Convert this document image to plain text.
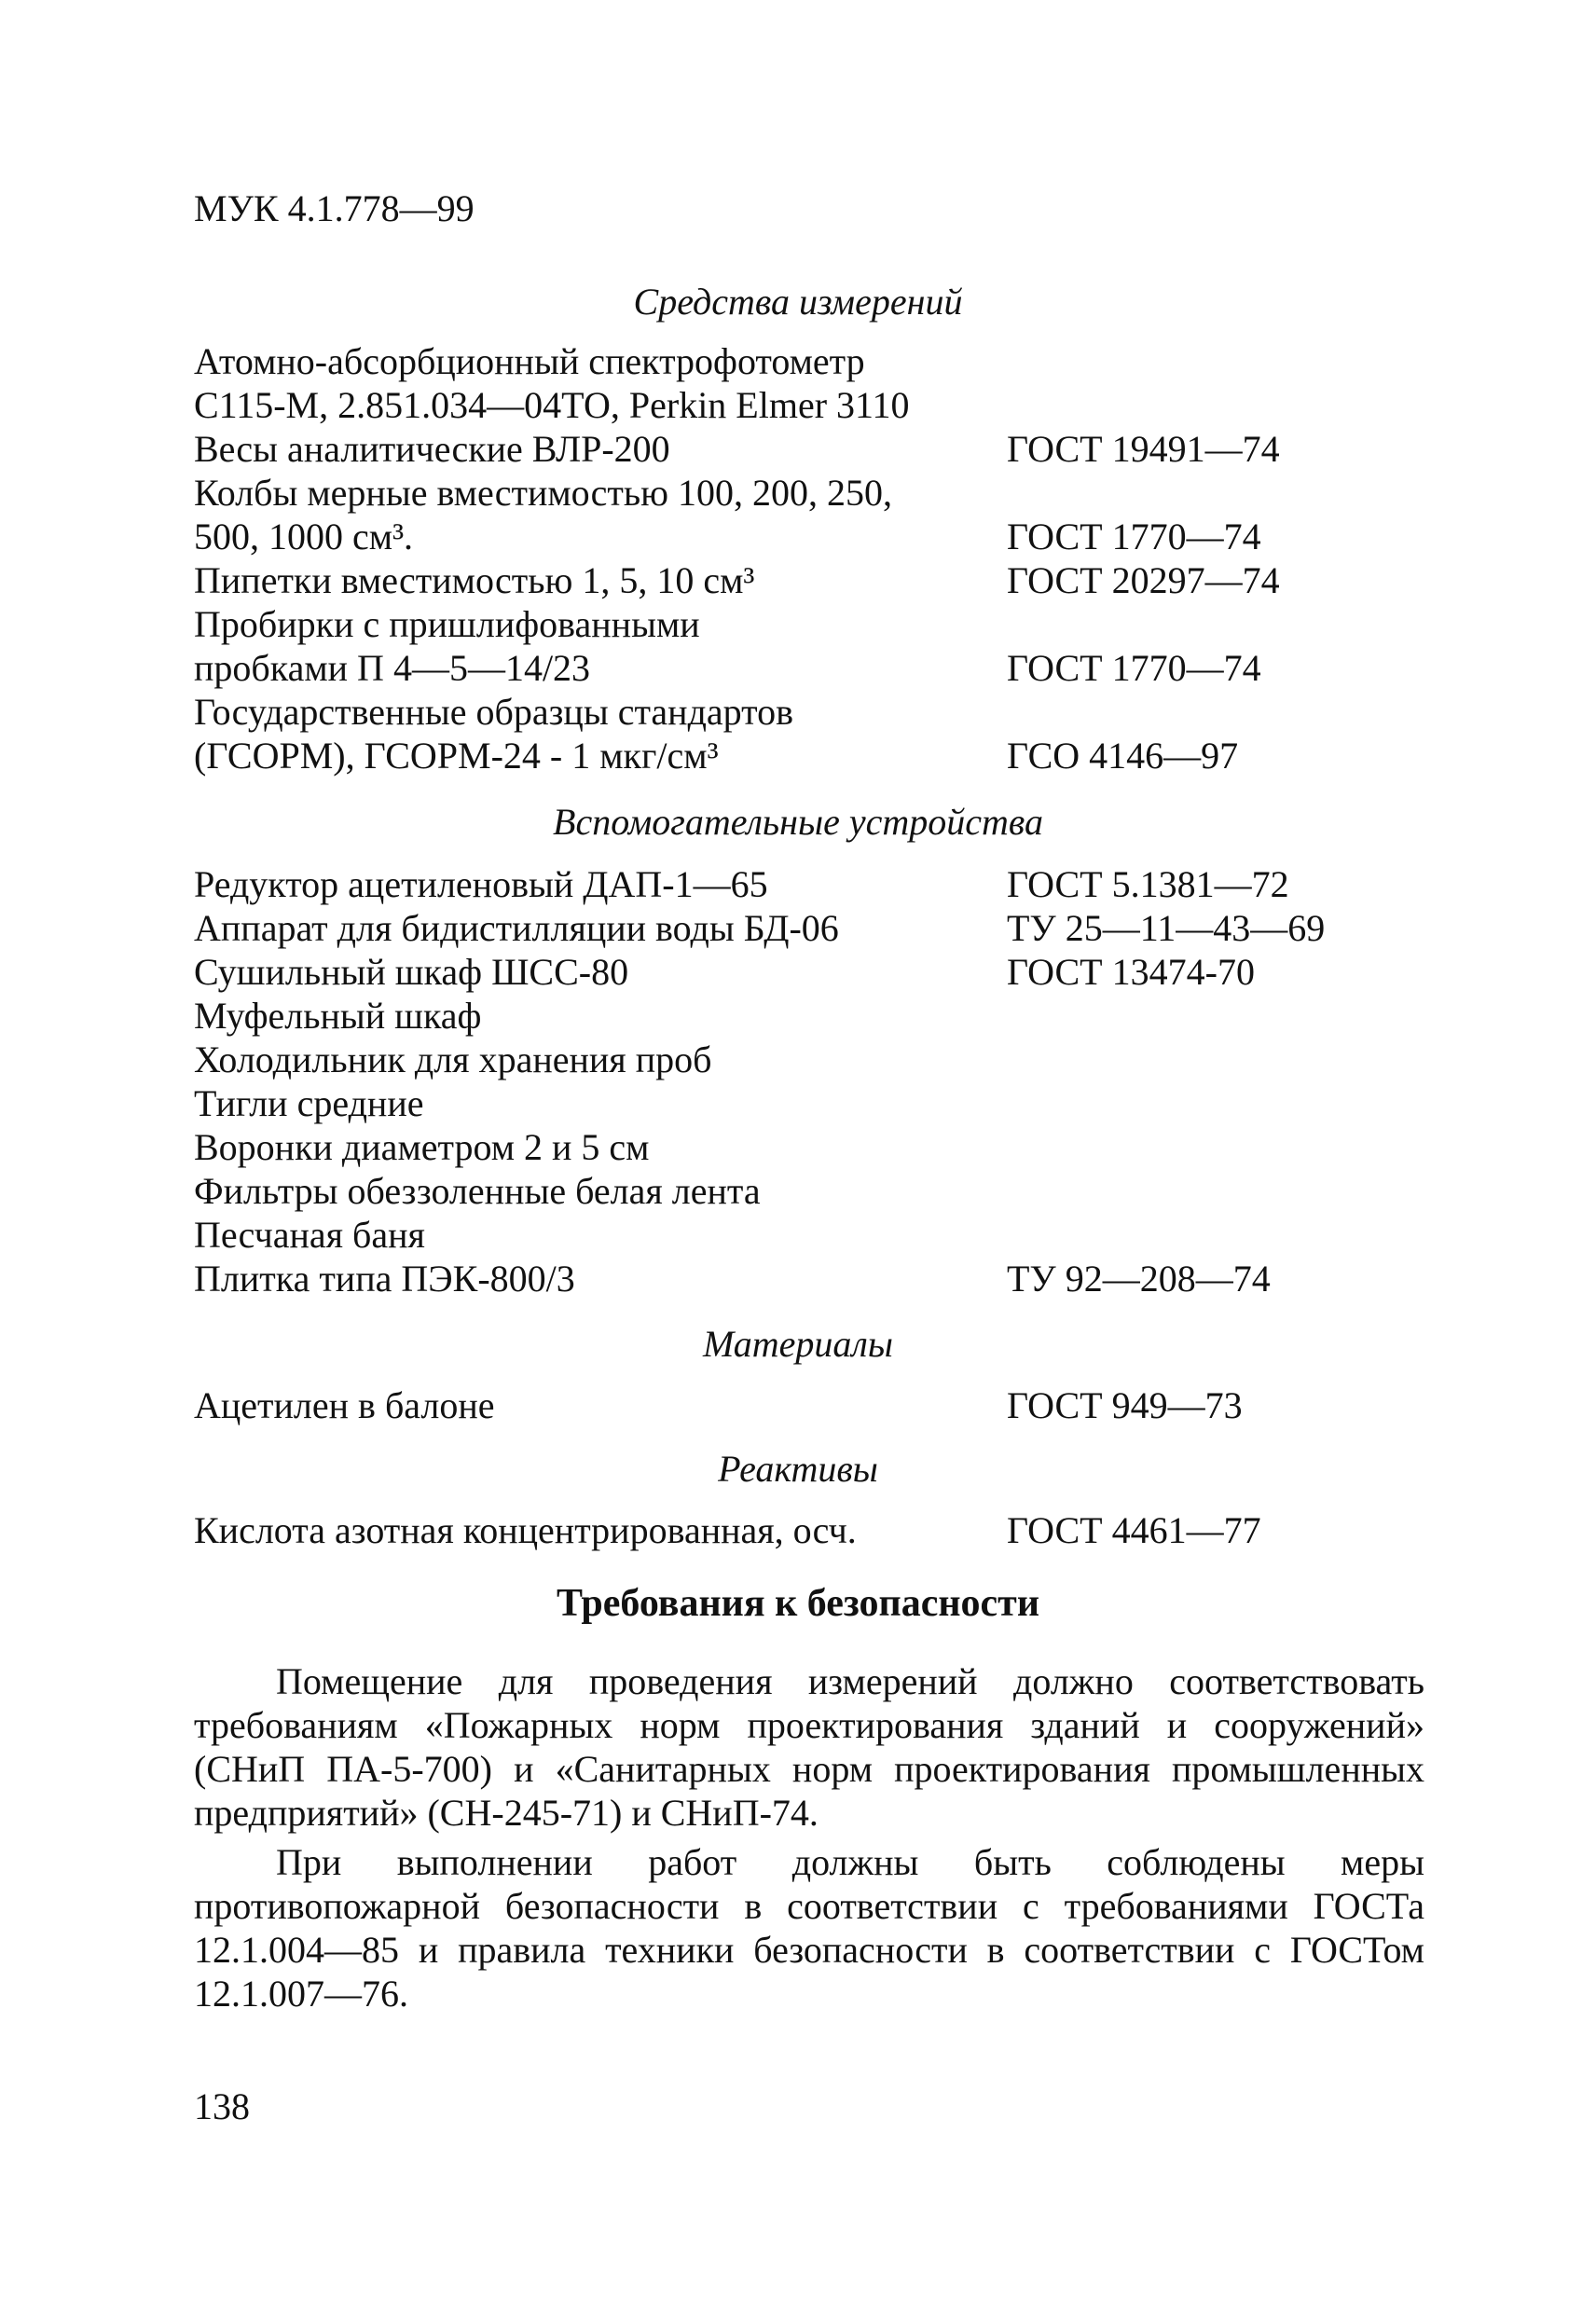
МУК 4.1.778—99
Средства измерений
Атомно-абсорбционный спектрофотометр
С115-М, 2.851.034—04ТО, Perkin Elmer 3110
Весы аналитические ВЛР-200	ГОСТ 19491—74
Колбы мерные вместимостью 100, 200, 250,
500, 1000 см³.	ГОСТ 1770—74
Пипетки вместимостью 1, 5, 10 см³	ГОСТ 20297—74
Пробирки с пришлифованными
пробками П 4—5—14/23	ГОСТ 1770—74
Государственные образцы стандартов
(ГСОРМ), ГСОРМ-24 - 1 мкг/см³	ГСО 4146—97
Вспомогательные устройства
Редуктор ацетиленовый ДАП-1—65	ГОСТ 5.1381—72
Аппарат для бидистилляции воды БД-06	ТУ 25—11—43—69
Сушильный шкаф ШСС-80	ГОСТ 13474-70
Муфельный шкаф
Холодильник для хранения проб
Тигли средние
Воронки диаметром 2 и 5 см
Фильтры обеззоленные белая лента
Песчаная баня
Плитка типа ПЭК-800/3	ТУ 92—208—74
Материалы
Ацетилен в балоне	ГОСТ 949—73
Реактивы
Кислота азотная концентрированная, осч.	ГОСТ 4461—77
Требования к безопасности

Помещение для проведения измерений должно соответствовать требованиям «Пожарных норм проектирования зданий и сооружений» (СНиП ПА-5-700) и «Санитарных норм проектирования промышленных предприятий» (СН-245-71) и СНиП-74.

При выполнении работ должны быть соблюдены меры противопожарной безопасности в соответствии с требованиями ГОСТа 12.1.004—85 и правила техники безопасности в соответствии с ГОСТом 12.1.007—76.

138
